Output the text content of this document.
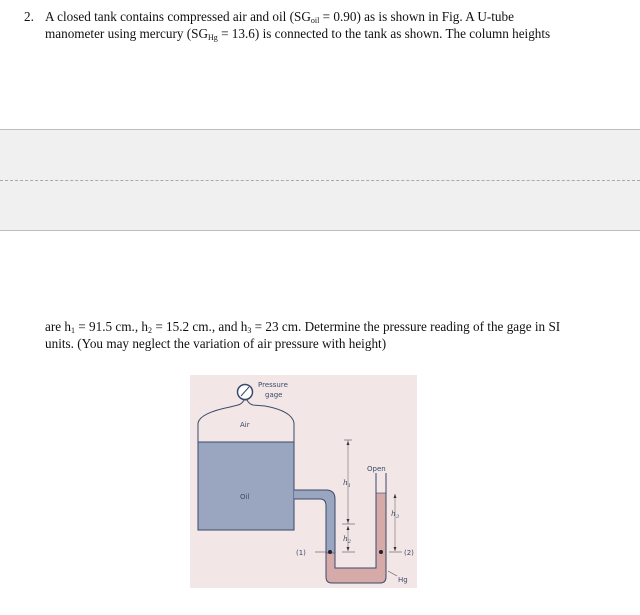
2. A closed tank contains compressed air and oil $(SG_{oil} = 0.90)$ as is shown in Fig. A U-tube
manometer using mercury $(SG_{Hg} = 13.6)$ is connected to the tank as shown. The column heights
are $h_1 = 91.5$ cm., $h_2 = 15.2$ cm., and $h_3 = 23$ cm. Determine the pressure reading of the gage in SI
units. (You may neglect the variation of air pressure with height)
Pressure
gage
Air
Oil
Open
$h_1$
$h_2$
$h_3$
(1)	(2)
Hg
